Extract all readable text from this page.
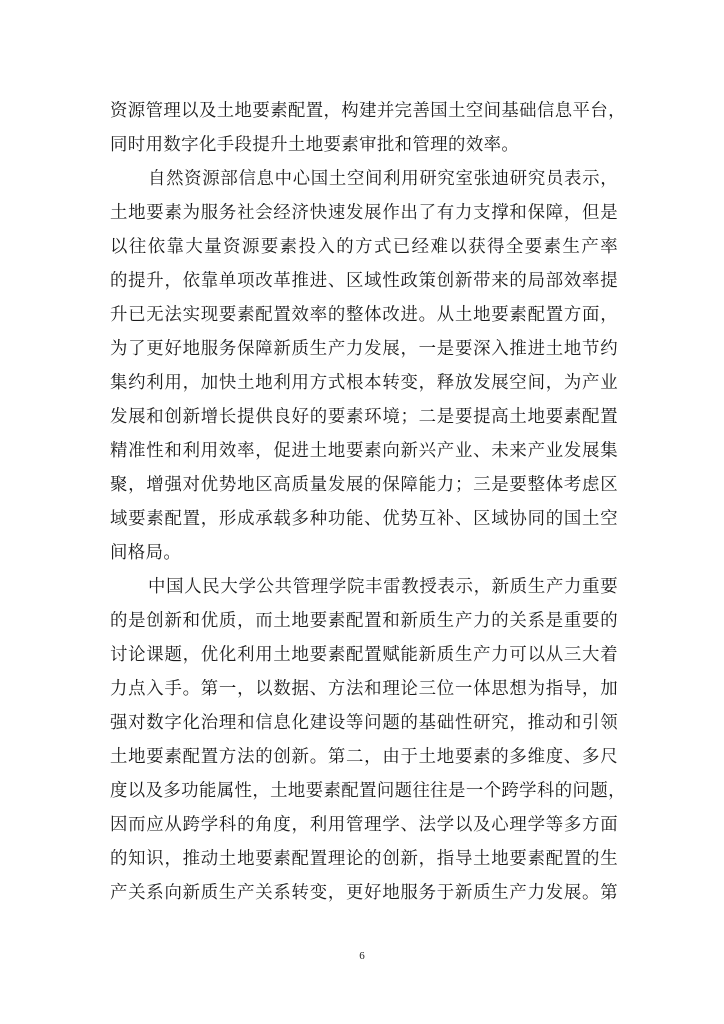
资源管理以及土地要素配置，构建并完善国土空间基础信息平台，
同时用数字化手段提升土地要素审批和管理的效率。
自然资源部信息中心国土空间利用研究室张迪研究员表示，
土地要素为服务社会经济快速发展作出了有力支撑和保障，但是
以往依靠大量资源要素投入的方式已经难以获得全要素生产率
的提升，依靠单项改革推进、区域性政策创新带来的局部效率提
升已无法实现要素配置效率的整体改进。从土地要素配置方面，
为了更好地服务保障新质生产力发展，一是要深入推进土地节约
集约利用，加快土地利用方式根本转变，释放发展空间，为产业
发展和创新增长提供良好的要素环境；二是要提高土地要素配置
精准性和利用效率，促进土地要素向新兴产业、未来产业发展集
聚，增强对优势地区高质量发展的保障能力；三是要整体考虑区
域要素配置，形成承载多种功能、优势互补、区域协同的国土空
间格局。
中国人民大学公共管理学院丰雷教授表示，新质生产力重要
的是创新和优质，而土地要素配置和新质生产力的关系是重要的
讨论课题，优化利用土地要素配置赋能新质生产力可以从三大着
力点入手。第一，以数据、方法和理论三位一体思想为指导，加
强对数字化治理和信息化建设等问题的基础性研究，推动和引领
土地要素配置方法的创新。第二，由于土地要素的多维度、多尺
度以及多功能属性，土地要素配置问题往往是一个跨学科的问题，
因而应从跨学科的角度，利用管理学、法学以及心理学等多方面
的知识，推动土地要素配置理论的创新，指导土地要素配置的生
产关系向新质生产关系转变，更好地服务于新质生产力发展。第
6
